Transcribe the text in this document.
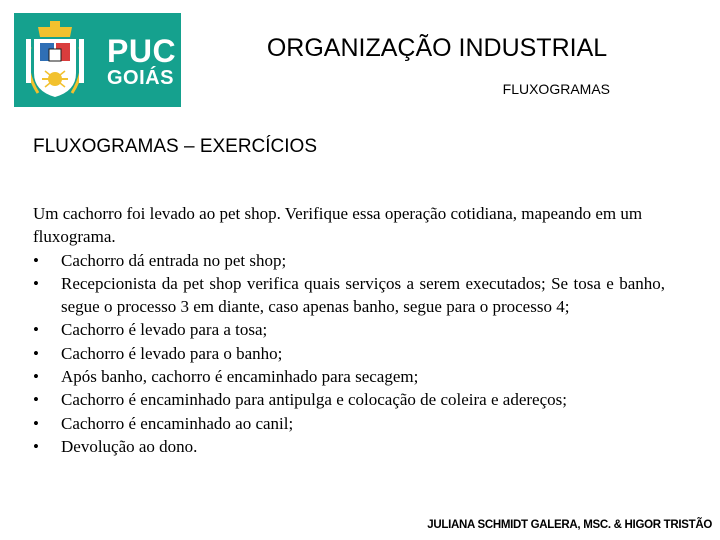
PUC
GOIÁS
ORGANIZAÇÃO INDUSTRIAL
FLUXOGRAMAS
FLUXOGRAMAS – EXERCÍCIOS

Um cachorro foi levado ao pet shop. Verifique essa operação cotidiana, mapeando em um fluxograma.

• Cachorro dá entrada no pet shop;
• Recepcionista da pet shop verifica quais serviços a serem executados; Se tosa e banho, segue o processo 3 em diante, caso apenas banho, segue para o processo 4;
• Cachorro é levado para a tosa;
• Cachorro é levado para o banho;
• Após banho, cachorro é encaminhado para secagem;
• Cachorro é encaminhado para antipulga e colocação de coleira e adereços;
• Cachorro é encaminhado ao canil;
• Devolução ao dono.
JULIANA SCHMIDT GALERA, MSC. & HIGOR TRISTÃO
